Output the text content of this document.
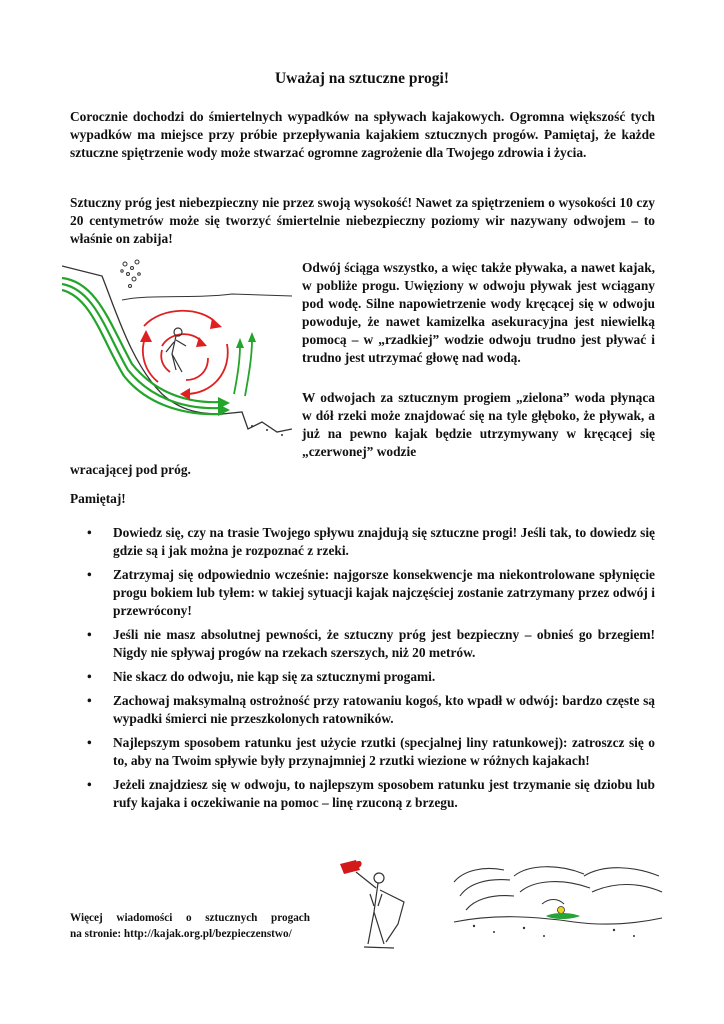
Uważaj na sztuczne progi!

Corocznie dochodzi do śmiertelnych wypadków na spływach kajakowych. Ogromna większość tych wypadków ma miejsce przy próbie przepływania kajakiem sztucznych progów. Pamiętaj, że każde sztuczne spiętrzenie wody może stwarzać ogromne zagrożenie dla Twojego zdrowia i życia.

Sztuczny próg jest niebezpieczny nie przez swoją wysokość! Nawet za spiętrzeniem o wysokości 10 czy 20 centymetrów może się tworzyć śmiertelnie niebezpieczny poziomy wir nazywany odwojem – to właśnie on zabija!

Odwój ściąga wszystko, a więc także pływaka, a nawet kajak, w pobliże progu. Uwięziony w odwoju pływak jest wciągany pod wodę. Silne napowietrzenie wody kręcącej się w odwoju powoduje, że nawet kamizelka asekuracyjna jest niewielką pomocą – w „rzadkiej” wodzie odwoju trudno jest pływać i trudno jest utrzymać głowę nad wodą.

W odwojach za sztucznym progiem „zielona” woda płynąca w dół rzeki może znajdować się na tyle głęboko, że pływak, a już na pewno kajak będzie utrzymywany w kręcącej się „czerwonej” wodzie

wracającej pod próg.

Pamiętaj!

• Dowiedz się, czy na trasie Twojego spływu znajdują się sztuczne progi! Jeśli tak, to dowiedz się gdzie są i jak można je rozpoznać z rzeki.
• Zatrzymaj się odpowiednio wcześnie: najgorsze konsekwencje ma niekontrolowane spłynięcie progu bokiem lub tyłem: w takiej sytuacji kajak najczęściej zostanie zatrzymany przez odwój i przewrócony!
• Jeśli nie masz absolutnej pewności, że sztuczny próg jest bezpieczny – obnieś go brzegiem! Nigdy nie spływaj progów na rzekach szerszych, niż 20 metrów.
• Nie skacz do odwoju, nie kąp się za sztucznymi progami.
• Zachowaj maksymalną ostrożność przy ratowaniu kogoś, kto wpadł w odwój: bardzo częste są wypadki śmierci nie przeszkolonych ratowników.
• Najlepszym sposobem ratunku jest użycie rzutki (specjalnej liny ratunkowej): zatroszcz się o to, aby na Twoim spływie były przynajmniej 2 rzutki wiezione w różnych kajakach!
• Jeżeli znajdziesz się w odwoju, to najlepszym sposobem ratunku jest trzymanie się dziobu lub rufy kajaka i oczekiwanie na pomoc – linę rzuconą z brzegu.

Więcej wiadomości o sztucznych progach
na stronie: http://kajak.org.pl/bezpieczenstwo/
